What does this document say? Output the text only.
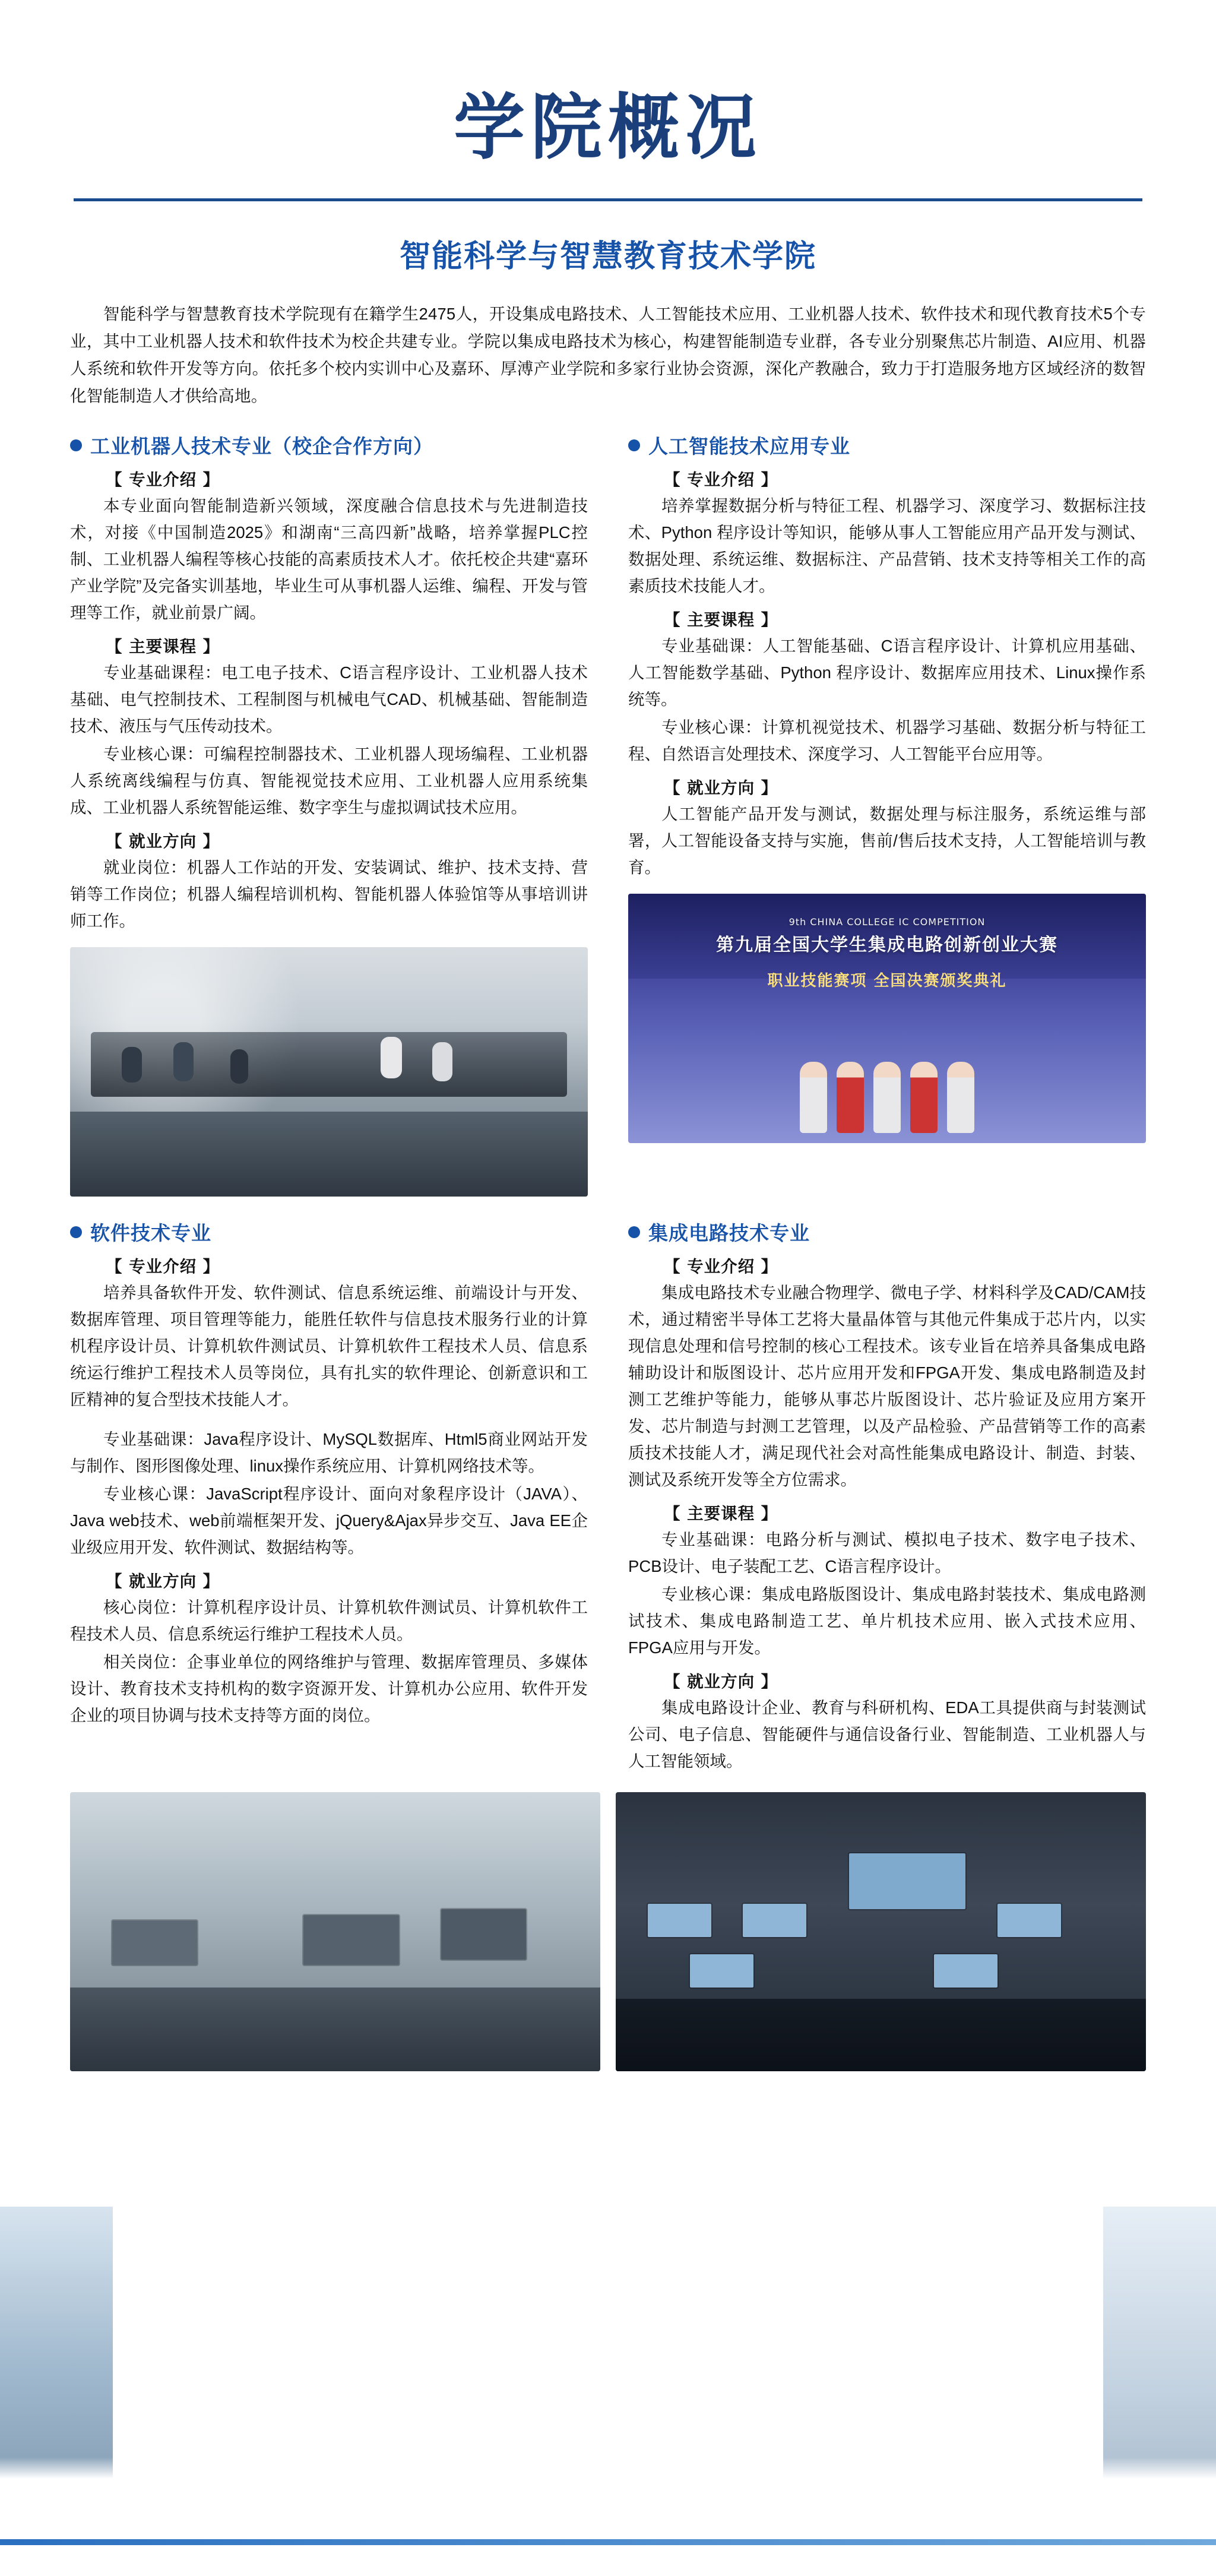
学院概况
智能科学与智慧教育技术学院
智能科学与智慧教育技术学院现有在籍学生2475人，开设集成电路技术、人工智能技术应用、工业机器人技术、软件技术和现代教育技术5个专业，其中工业机器人技术和软件技术为校企共建专业。学院以集成电路技术为核心，构建智能制造专业群，各专业分别聚焦芯片制造、AI应用、机器人系统和软件开发等方向。依托多个校内实训中心及嘉环、厚溥产业学院和多家行业协会资源，深化产教融合，致力于打造服务地方区域经济的数智化智能制造人才供给高地。
工业机器人技术专业（校企合作方向）
【 专业介绍 】

本专业面向智能制造新兴领域，深度融合信息技术与先进制造技术，对接《中国制造2025》和湖南“三高四新”战略，培养掌握PLC控制、工业机器人编程等核心技能的高素质技术人才。依托校企共建“嘉环产业学院”及完备实训基地，毕业生可从事机器人运维、编程、开发与管理等工作，就业前景广阔。

【 主要课程 】

专业基础课程：电工电子技术、C语言程序设计、工业机器人技术基础、电气控制技术、工程制图与机械电气CAD、机械基础、智能制造技术、液压与气压传动技术。

专业核心课：可编程控制器技术、工业机器人现场编程、工业机器人系统离线编程与仿真、智能视觉技术应用、工业机器人应用系统集成、工业机器人系统智能运维、数字孪生与虚拟调试技术应用。

【 就业方向 】

就业岗位：机器人工作站的开发、安装调试、维护、技术支持、营销等工作岗位；机器人编程培训机构、智能机器人体验馆等从事培训讲师工作。

人工智能技术应用专业
【 专业介绍 】

培养掌握数据分析与特征工程、机器学习、深度学习、数据标注技术、Python 程序设计等知识，能够从事人工智能应用产品开发与测试、数据处理、系统运维、数据标注、产品营销、技术支持等相关工作的高素质技术技能人才。

【 主要课程 】

专业基础课：人工智能基础、C语言程序设计、计算机应用基础、人工智能数学基础、Python 程序设计、数据库应用技术、Linux操作系统等。

专业核心课：计算机视觉技术、机器学习基础、数据分析与特征工程、自然语言处理技术、深度学习、人工智能平台应用等。

【 就业方向 】

人工智能产品开发与测试，数据处理与标注服务，系统运维与部署，人工智能设备支持与实施，售前/售后技术支持，人工智能培训与教育。

9th CHINA COLLEGE IC COMPETITION
第九届全国大学生集成电路创新创业大赛
职业技能赛项 全国决赛颁奖典礼
软件技术专业
【 专业介绍 】

培养具备软件开发、软件测试、信息系统运维、前端设计与开发、数据库管理、项目管理等能力，能胜任软件与信息技术服务行业的计算机程序设计员、计算机软件测试员、计算机软件工程技术人员、信息系统运行维护工程技术人员等岗位，具有扎实的软件理论、创新意识和工匠精神的复合型技术技能人才。

专业基础课：Java程序设计、MySQL数据库、Html5商业网站开发与制作、图形图像处理、linux操作系统应用、计算机网络技术等。

专业核心课：JavaScript程序设计、面向对象程序设计（JAVA）、Java web技术、web前端框架开发、jQuery&Ajax异步交互、Java EE企业级应用开发、软件测试、数据结构等。

【 就业方向 】

核心岗位：计算机程序设计员、计算机软件测试员、计算机软件工程技术人员、信息系统运行维护工程技术人员。

相关岗位：企事业单位的网络维护与管理、数据库管理员、多媒体设计、教育技术支持机构的数字资源开发、计算机办公应用、软件开发企业的项目协调与技术支持等方面的岗位。

集成电路技术专业
【 专业介绍 】

集成电路技术专业融合物理学、微电子学、材料科学及CAD/CAM技术，通过精密半导体工艺将大量晶体管与其他元件集成于芯片内，以实现信息处理和信号控制的核心工程技术。该专业旨在培养具备集成电路辅助设计和版图设计、芯片应用开发和FPGA开发、集成电路制造及封测工艺维护等能力，能够从事芯片版图设计、芯片验证及应用方案开发、芯片制造与封测工艺管理，以及产品检验、产品营销等工作的高素质技术技能人才，满足现代社会对高性能集成电路设计、制造、封装、测试及系统开发等全方位需求。

【 主要课程 】

专业基础课：电路分析与测试、模拟电子技术、数字电子技术、PCB设计、电子装配工艺、C语言程序设计。

专业核心课：集成电路版图设计、集成电路封装技术、集成电路测试技术、集成电路制造工艺、单片机技术应用、嵌入式技术应用、FPGA应用与开发。

【 就业方向 】

集成电路设计企业、教育与科研机构、EDA工具提供商与封装测试公司、电子信息、智能硬件与通信设备行业、智能制造、工业机器人与人工智能领域。
